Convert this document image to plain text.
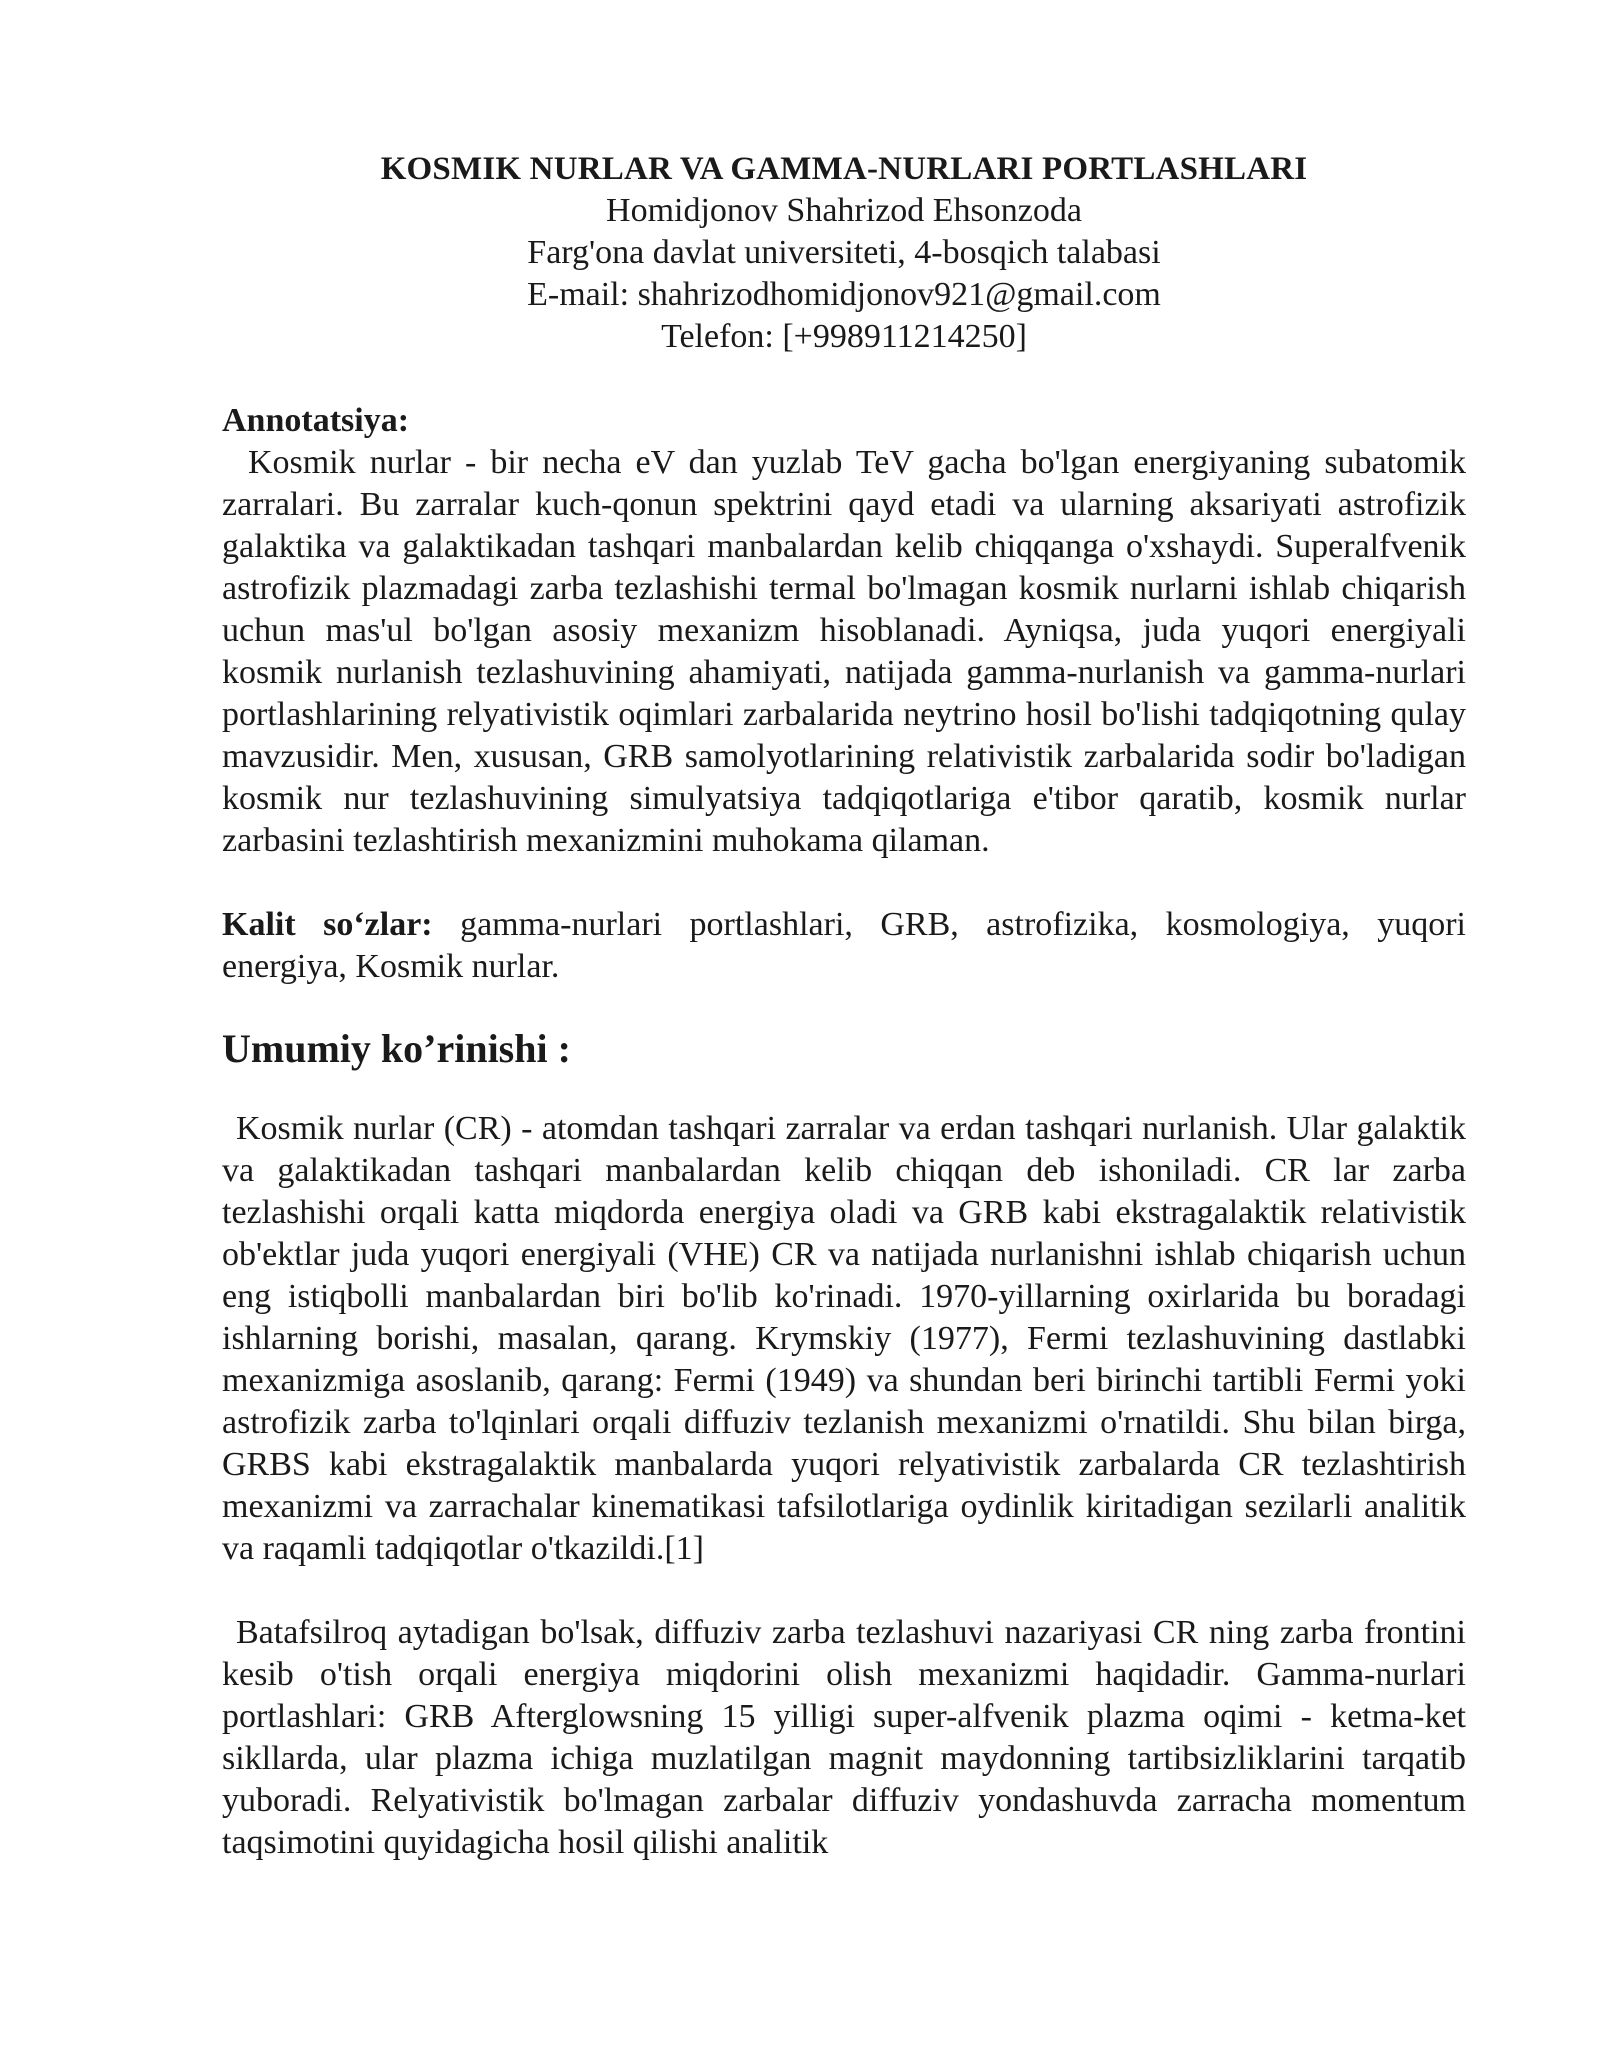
KOSMIK NURLAR VA GAMMA-NURLARI PORTLASHLARI
Homidjonov Shahrizod Ehsonzoda
Farg'ona davlat universiteti, 4-bosqich talabasi
E-mail: shahrizodhomidjonov921@gmail.com
Telefon: [+998911214250]
Annotatsiya:
Kosmik nurlar - bir necha eV dan yuzlab TeV gacha bo'lgan energiyaning subatomik zarralari. Bu zarralar kuch-qonun spektrini qayd etadi va ularning aksariyati astrofizik galaktika va galaktikadan tashqari manbalardan kelib chiqqanga o'xshaydi. Superalfvenik astrofizik plazmadagi zarba tezlashishi termal bo'lmagan kosmik nurlarni ishlab chiqarish uchun mas'ul bo'lgan asosiy mexanizm hisoblanadi. Ayniqsa, juda yuqori energiyali kosmik nurlanish tezlashuvining ahamiyati, natijada gamma-nurlanish va gamma-nurlari portlashlarining relyativistik oqimlari zarbalarida neytrino hosil bo'lishi tadqiqotning qulay mavzusidir. Men, xususan, GRB samolyotlarining relativistik zarbalarida sodir bo'ladigan kosmik nur tezlashuvining simulyatsiya tadqiqotlariga e'tibor qaratib, kosmik nurlar zarbasini tezlashtirish mexanizmini muhokama qilaman.
Kalit so‘zlar: gamma-nurlari portlashlari, GRB, astrofizika, kosmologiya, yuqori energiya, Kosmik nurlar.
Umumiy ko’rinishi :
Kosmik nurlar (CR) - atomdan tashqari zarralar va erdan tashqari nurlanish. Ular galaktik va galaktikadan tashqari manbalardan kelib chiqqan deb ishoniladi. CR lar zarba tezlashishi orqali katta miqdorda energiya oladi va GRB kabi ekstragalaktik relativistik ob'ektlar juda yuqori energiyali (VHE) CR va natijada nurlanishni ishlab chiqarish uchun eng istiqbolli manbalardan biri bo'lib ko'rinadi. 1970-yillarning oxirlarida bu boradagi ishlarning borishi, masalan, qarang. Krymskiy (1977), Fermi tezlashuvining dastlabki mexanizmiga asoslanib, qarang: Fermi (1949) va shundan beri birinchi tartibli Fermi yoki astrofizik zarba to'lqinlari orqali diffuziv tezlanish mexanizmi o'rnatildi. Shu bilan birga, GRBS kabi ekstragalaktik manbalarda yuqori relyativistik zarbalarda CR tezlashtirish mexanizmi va zarrachalar kinematikasi tafsilotlariga oydinlik kiritadigan sezilarli analitik va raqamli tadqiqotlar o'tkazildi.[1]
Batafsilroq aytadigan bo'lsak, diffuziv zarba tezlashuvi nazariyasi CR ning zarba frontini kesib o'tish orqali energiya miqdorini olish mexanizmi haqidadir. Gamma-nurlari portlashlari: GRB Afterglowsning 15 yilligi super-alfvenik plazma oqimi - ketma-ket sikllarda, ular plazma ichiga muzlatilgan magnit maydonning tartibsizliklarini tarqatib yuboradi. Relyativistik bo'lmagan zarbalar diffuziv yondashuvda zarracha momentum taqsimotini quyidagicha hosil qilishi analitik
